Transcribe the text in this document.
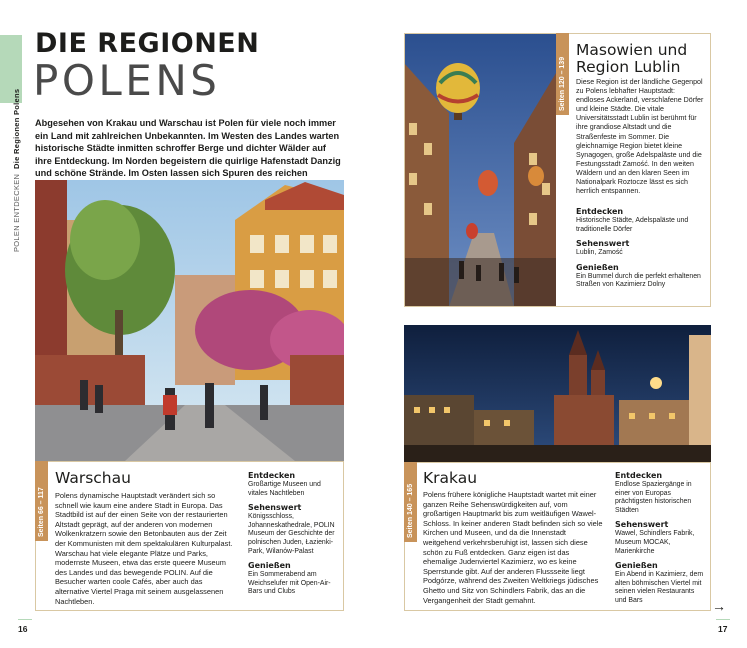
POLEN ENTDECKEN  Die Regionen Polens
DIE REGIONEN
POLENS
Abgesehen von Krakau und Warschau ist Polen für viele noch immer ein Land mit zahlreichen Unbekannten. Im Westen des Landes warten historische Städte inmitten schroffer Berge und dichter Wälder auf ihre Entdeckung. Im Norden begeistern die quirlige Hafenstadt Danzig und schöne Strände. Im Osten lassen sich Spuren des reichen
Seiten 66 – 117
Warschau
Polens dynamische Hauptstadt verändert sich so schnell wie kaum eine andere Stadt in Europa. Das Stadtbild ist auf der einen Seite von der restaurierten Altstadt geprägt, auf der anderen von modernen Wolkenkratzern sowie den Betonbauten aus der Zeit der Kommunisten mit dem spektakulären Kulturpalast. Warschau hat viele elegante Plätze und Parks, modernste Museen, etwa das erste queere Museum des Landes und das bewegende POLIN. Auf die Besucher warten coole Cafés, aber auch das alternative Viertel Praga mit seinem ausgelassenen Nachtleben.
Entdecken
Großartige Museen und vitales Nachtleben
Sehenswert
Königsschloss, Johanneskathedrale, POLIN Museum der Geschichte der polnischen Juden, Łazienki-Park, Wilanów-Palast
Genießen
Ein Sommerabend am Weichselufer mit Open-Air-Bars und Clubs
16
Seiten 120 – 139
Masowien und Region Lublin
Diese Region ist der ländliche Gegenpol zu Polens lebhafter Hauptstadt: endloses Ackerland, verschlafene Dörfer und kleine Städte. Die vitale Universitätsstadt Lublin ist berühmt für ihre grandiose Altstadt und die Straßenfeste im Sommer. Die gleichnamige Region bietet kleine Synagogen, große Adelspaläste und die Festungsstadt Zamość. In den weiten Wäldern und an den klaren Seen im Nationalpark Roztocze lässt es sich herrlich entspannen.
Entdecken
Historische Städte, Adelspaläste und traditionelle Dörfer
Sehenswert
Lublin, Zamość
Genießen
Ein Bummel durch die perfekt erhaltenen Straßen von Kazimierz Dolny
Seiten 140 – 165
Krakau
Polens frühere königliche Hauptstadt wartet mit einer ganzen Reihe Sehenswürdigkeiten auf, vom großartigen Hauptmarkt bis zum weitläufigen Wawel-Schloss. In keiner anderen Stadt befinden sich so viele Kirchen und Museen, und da die Innenstadt weitgehend verkehrsberuhigt ist, lassen sich diese schön zu Fuß entdecken. Ganz eigen ist das ehemalige Judenviertel Kazimierz, wo es keine Sperrstunde gibt. Auf der anderen Flussseite liegt Podgórze, während des Zweiten Weltkriegs jüdisches Ghetto und Sitz von Schindlers Fabrik, das an die Vergangenheit der Stadt gemahnt.
Entdecken
Endlose Spaziergänge in einer von Europas prächtigsten historischen Städten
Sehenswert
Wawel, Schindlers Fabrik, Museum MOCAK, Marienkirche
Genießen
Ein Abend in Kazimierz, dem alten böhmischen Viertel mit seinen vielen Restaurants und Bars	→
17
